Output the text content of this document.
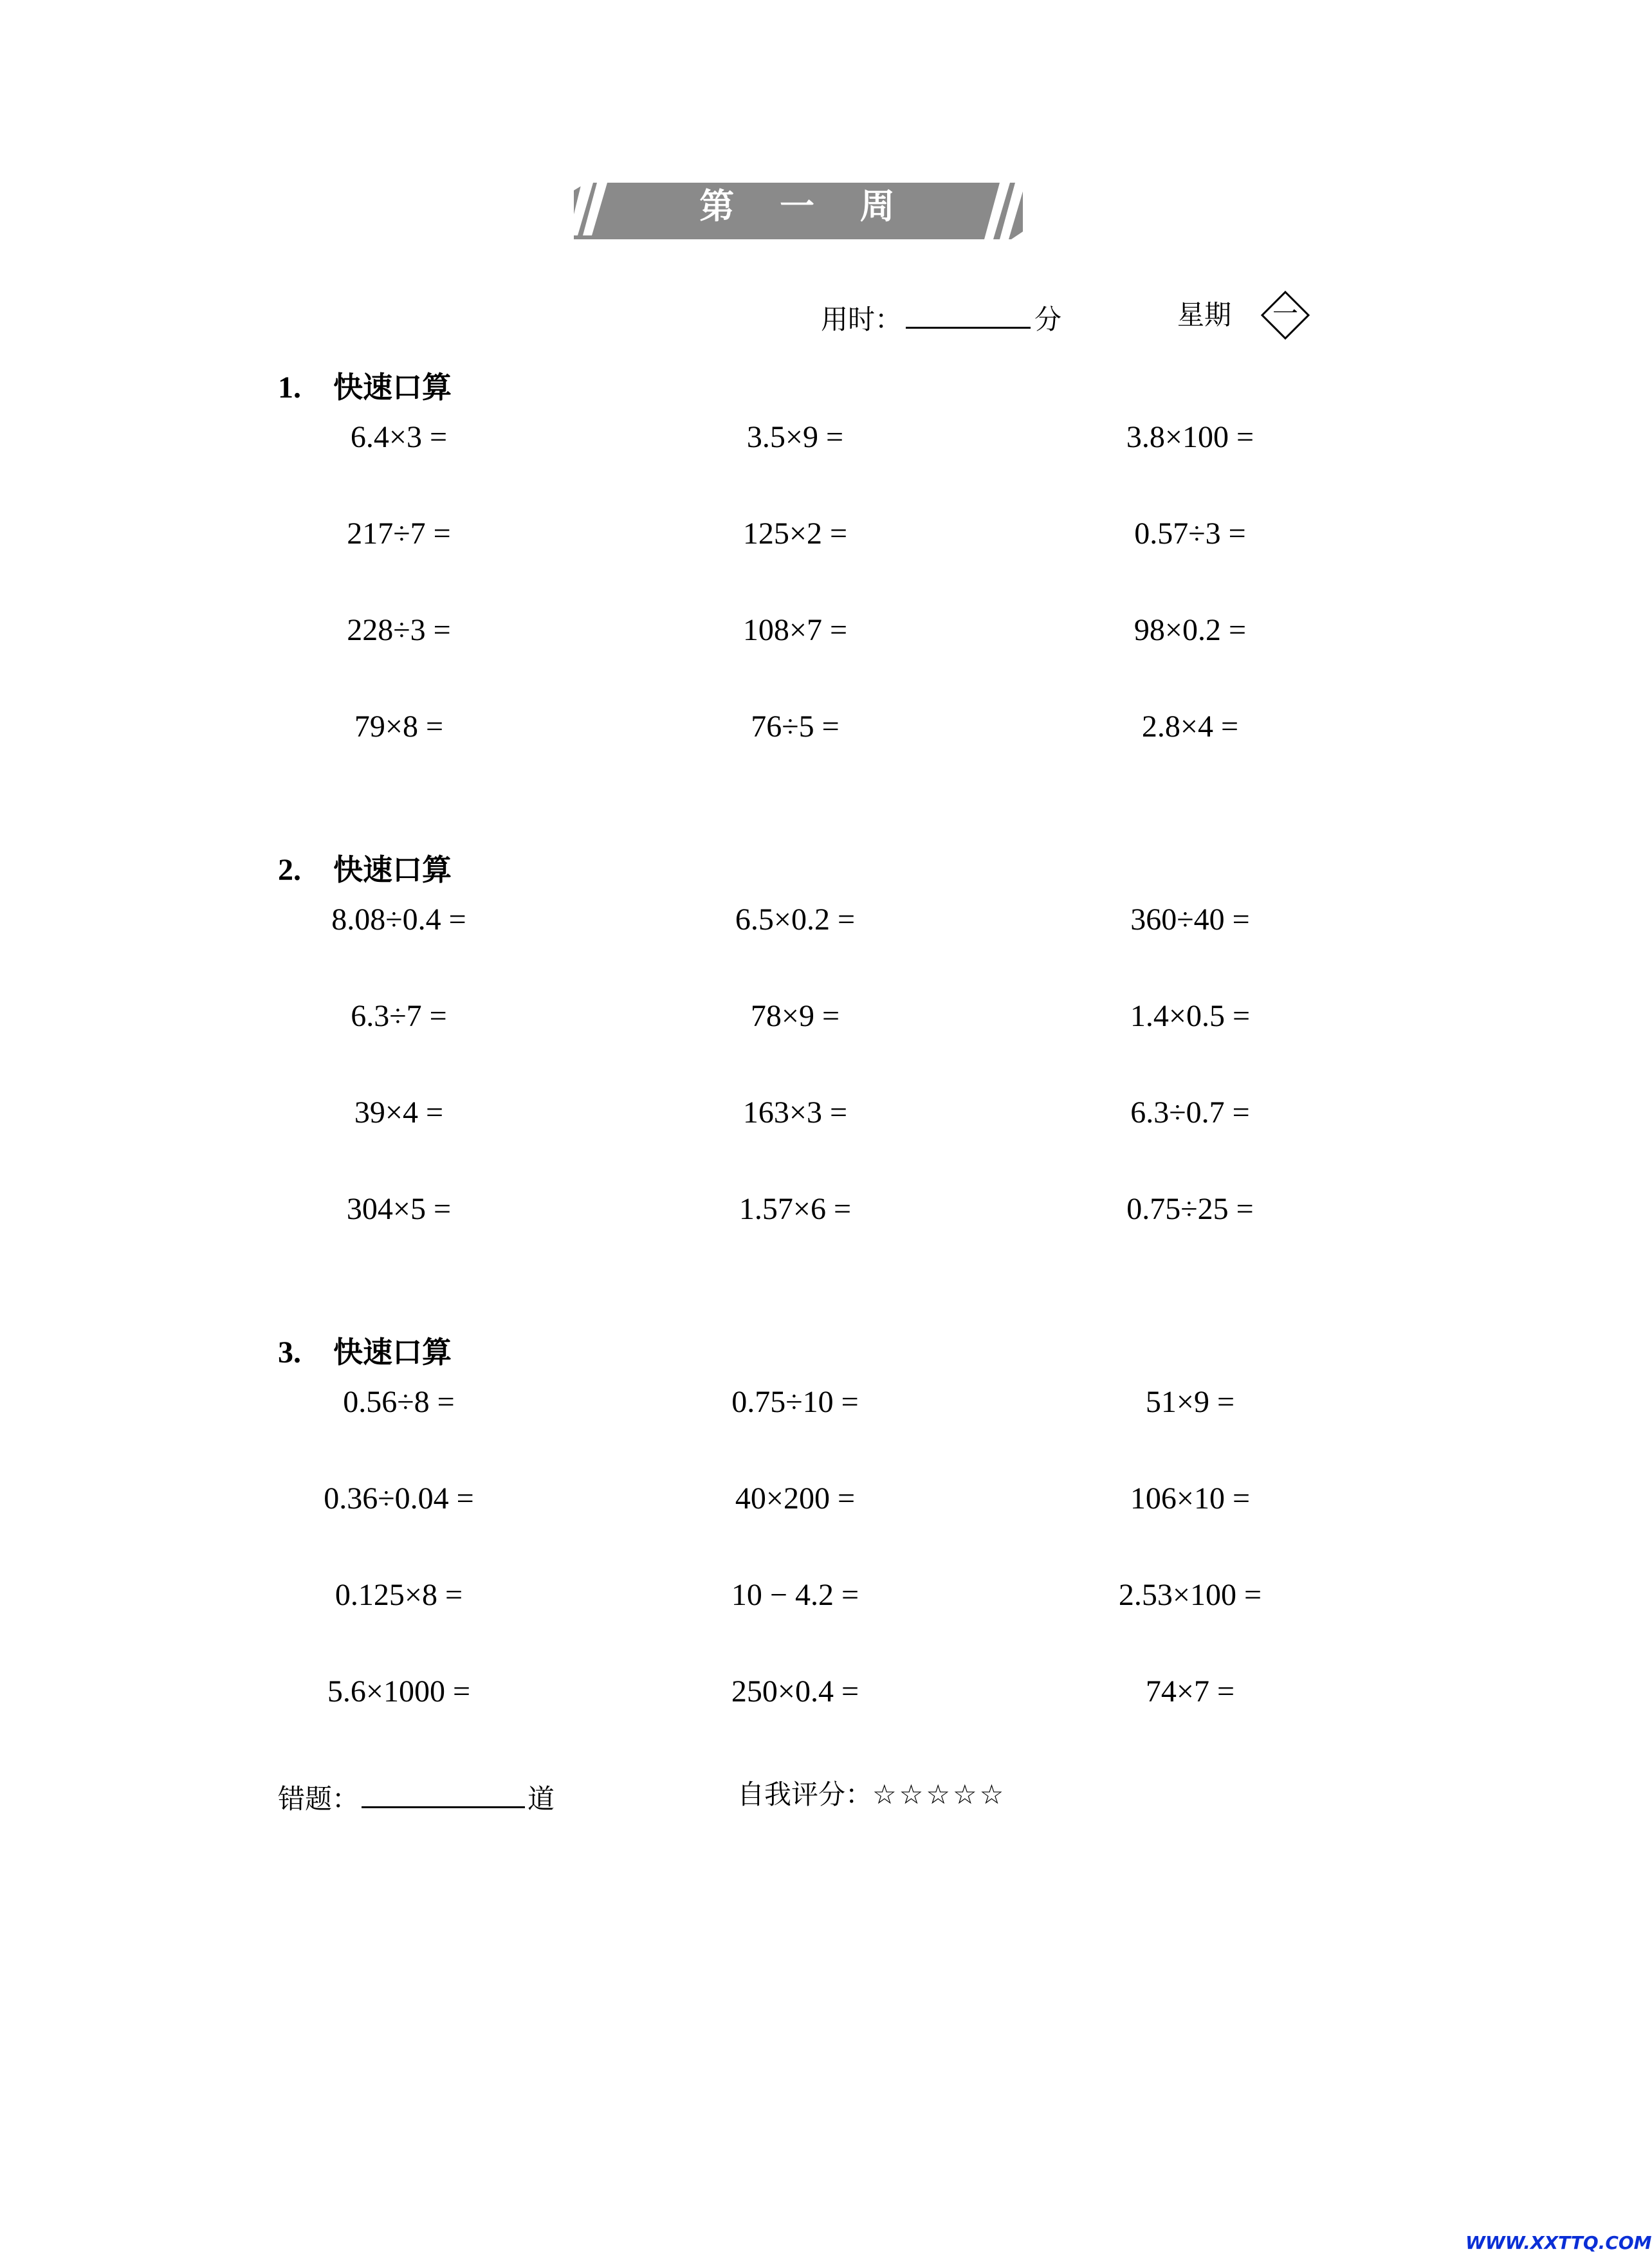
第 一 周
用时：	分	星期	一
1. 快速口算
6.4×3 =	3.5×9 =	3.8×100 =
217÷7 =	125×2 =	0.57÷3 =
228÷3 =	108×7 =	98×0.2 =
79×8 =	76÷5 =	2.8×4 =
2. 快速口算
8.08÷0.4 =	6.5×0.2 =	360÷40 =
6.3÷7 =	78×9 =	1.4×0.5 =
39×4 =	163×3 =	6.3÷0.7 =
304×5 =	1.57×6 =	0.75÷25 =
3. 快速口算
0.56÷8 =	0.75÷10 =	51×9 =
0.36÷0.04 =	40×200 =	106×10 =
0.125×8 =	10 − 4.2 =	2.53×100 =
5.6×1000 =	250×0.4 =	74×7 =
错题：	道	自我评分：☆☆☆☆☆
WWW.XXTTQ.COM
